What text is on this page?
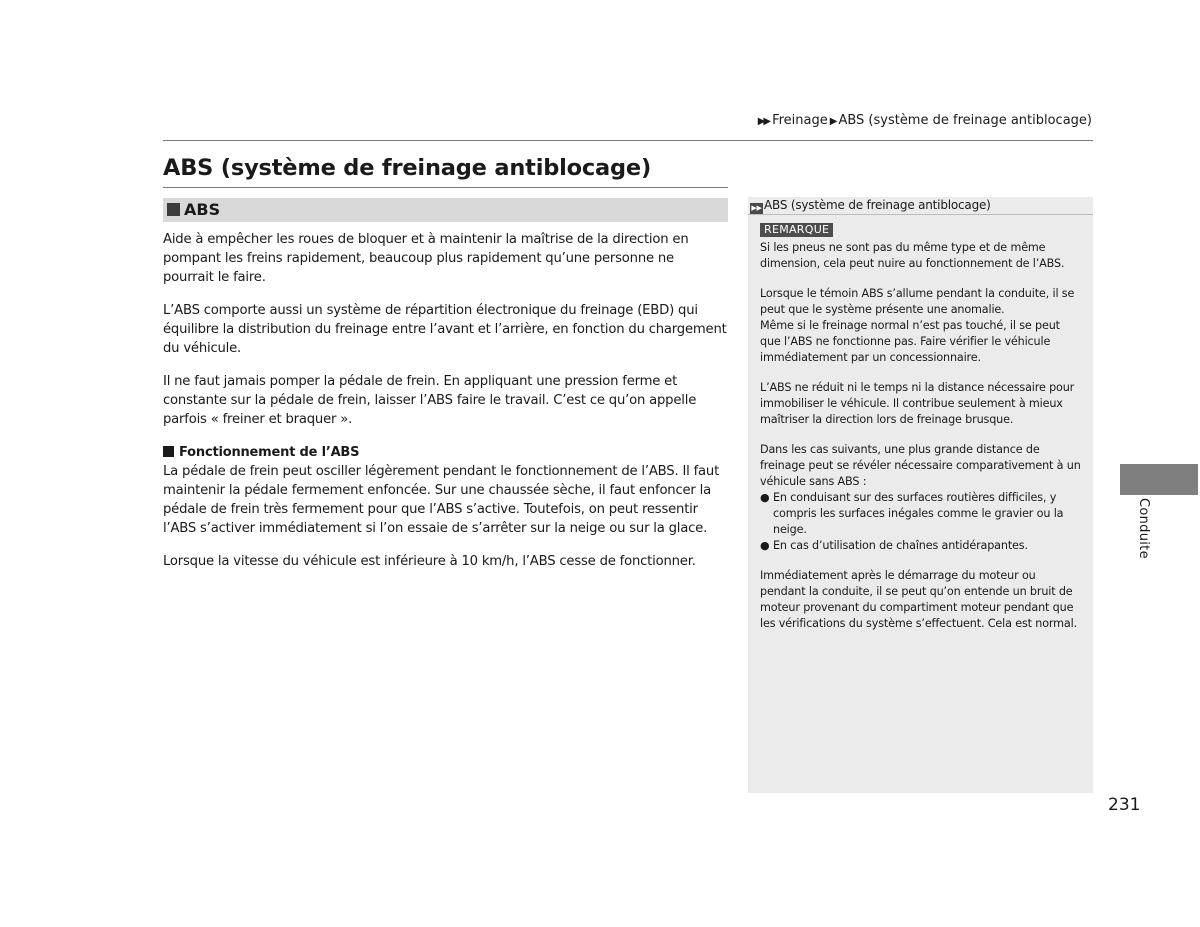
▶▶ Freinage ▶ ABS (système de freinage antiblocage)
ABS (système de freinage antiblocage)
ABS

Aide à empêcher les roues de bloquer et à maintenir la maîtrise de la direction en pompant les freins rapidement, beaucoup plus rapidement qu’une personne ne pourrait le faire.

L’ABS comporte aussi un système de répartition électronique du freinage (EBD) qui équilibre la distribution du freinage entre l’avant et l’arrière, en fonction du chargement du véhicule.

Il ne faut jamais pomper la pédale de frein. En appliquant une pression ferme et constante sur la pédale de frein, laisser l’ABS faire le travail. C’est ce qu’on appelle parfois « freiner et braquer ».

Fonctionnement de l’ABS

La pédale de frein peut osciller légèrement pendant le fonctionnement de l’ABS. Il faut maintenir la pédale fermement enfoncée. Sur une chaussée sèche, il faut enfoncer la pédale de frein très fermement pour que l’ABS s’active. Toutefois, on peut ressentir l’ABS s’activer immédiatement si l’on essaie de s’arrêter sur la neige ou sur la glace.

Lorsque la vitesse du véhicule est inférieure à 10 km/h, l’ABS cesse de fonctionner.

▶▶ ABS (système de freinage antiblocage)
REMARQUE

Si les pneus ne sont pas du même type et de même dimension, cela peut nuire au fonctionnement de l’ABS.

Lorsque le témoin ABS s’allume pendant la conduite, il se peut que le système présente une anomalie.

Même si le freinage normal n’est pas touché, il se peut que l’ABS ne fonctionne pas. Faire vérifier le véhicule immédiatement par un concessionnaire.

L’ABS ne réduit ni le temps ni la distance nécessaire pour immobiliser le véhicule. Il contribue seulement à mieux maîtriser la direction lors de freinage brusque.

Dans les cas suivants, une plus grande distance de freinage peut se révéler nécessaire comparativement à un véhicule sans ABS :

● En conduisant sur des surfaces routières difficiles, y compris les surfaces inégales comme le gravier ou la neige.
● En cas d’utilisation de chaînes antidérapantes.

Immédiatement après le démarrage du moteur ou pendant la conduite, il se peut qu’on entende un bruit de moteur provenant du compartiment moteur pendant que les vérifications du système s’effectuent. Cela est normal.

Conduite
231
